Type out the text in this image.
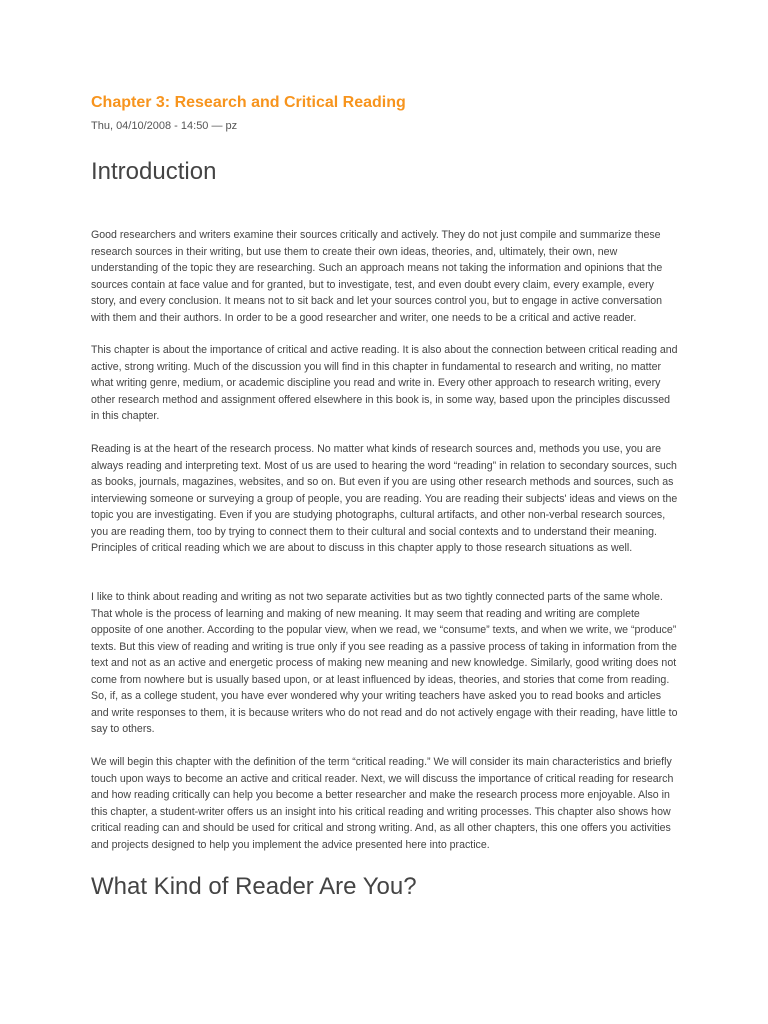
Chapter 3: Research and Critical Reading
Thu, 04/10/2008 - 14:50 — pz
Introduction

Good researchers and writers examine their sources critically and actively. They do not just compile and summarize these research sources in their writing, but use them to create their own ideas, theories, and, ultimately, their own, new understanding of the topic they are researching. Such an approach means not taking the information and opinions that the sources contain at face value and for granted, but to investigate, test, and even doubt every claim, every example, every story, and every conclusion. It means not to sit back and let your sources control you, but to engage in active conversation with them and their authors. In order to be a good researcher and writer, one needs to be a critical and active reader.

This chapter is about the importance of critical and active reading. It is also about the connection between critical reading and active, strong writing. Much of the discussion you will find in this chapter in fundamental to research and writing, no matter what writing genre, medium, or academic discipline you read and write in. Every other approach to research writing, every other research method and assignment offered elsewhere in this book is, in some way, based upon the principles discussed in this chapter.

Reading is at the heart of the research process. No matter what kinds of research sources and, methods you use, you are always reading and interpreting text. Most of us are used to hearing the word “reading” in relation to secondary sources, such as books, journals, magazines, websites, and so on. But even if you are using other research methods and sources, such as interviewing someone or surveying a group of people, you are reading. You are reading their subjects' ideas and views on the topic you are investigating. Even if you are studying photographs, cultural artifacts, and other non-verbal research sources, you are reading them, too by trying to connect them to their cultural and social contexts and to understand their meaning. Principles of critical reading which we are about to discuss in this chapter apply to those research situations as well.

I like to think about reading and writing as not two separate activities but as two tightly connected parts of the same whole. That whole is the process of learning and making of new meaning. It may seem that reading and writing are complete opposite of one another. According to the popular view, when we read, we “consume” texts, and when we write, we “produce” texts. But this view of reading and writing is true only if you see reading as a passive process of taking in information from the text and not as an active and energetic process of making new meaning and new knowledge. Similarly, good writing does not come from nowhere but is usually based upon, or at least influenced by ideas, theories, and stories that come from reading. So, if, as a college student, you have ever wondered why your writing teachers have asked you to read books and articles and write responses to them, it is because writers who do not read and do not actively engage with their reading, have little to say to others.

We will begin this chapter with the definition of the term “critical reading.” We will consider its main characteristics and briefly touch upon ways to become an active and critical reader. Next, we will discuss the importance of critical reading for research and how reading critically can help you become a better researcher and make the research process more enjoyable. Also in this chapter, a student-writer offers us an insight into his critical reading and writing processes. This chapter also shows how critical reading can and should be used for critical and strong writing. And, as all other chapters, this one offers you activities and projects designed to help you implement the advice presented here into practice.

What Kind of Reader Are You?
